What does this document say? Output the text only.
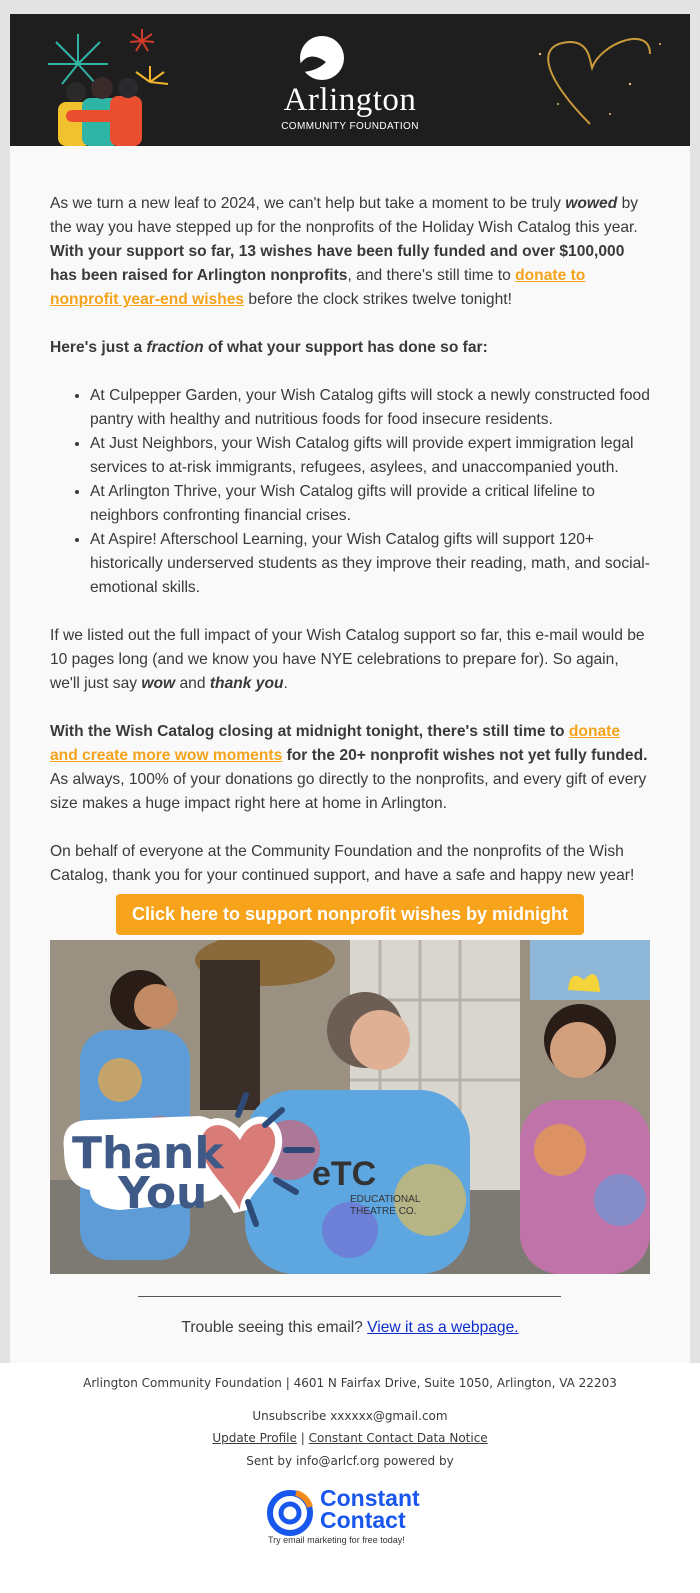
Arlington
COMMUNITY FOUNDATION

As we turn a new leaf to 2024, we can't help but take a moment to be truly wowed by the way you have stepped up for the nonprofits of the Holiday Wish Catalog this year. With your support so far, 13 wishes have been fully funded and over $100,000 has been raised for Arlington nonprofits, and there's still time to donate to nonprofit year-end wishes before the clock strikes twelve tonight!

Here's just a fraction of what your support has done so far:

• At Culpepper Garden, your Wish Catalog gifts will stock a newly constructed food pantry with healthy and nutritious foods for food insecure residents.
• At Just Neighbors, your Wish Catalog gifts will provide expert immigration legal services to at-risk immigrants, refugees, asylees, and unaccompanied youth.
• At Arlington Thrive, your Wish Catalog gifts will provide a critical lifeline to neighbors confronting financial crises.
• At Aspire! Afterschool Learning, your Wish Catalog gifts will support 120+ historically underserved students as they improve their reading, math, and social-emotional skills.

If we listed out the full impact of your Wish Catalog support so far, this e-mail would be 10 pages long (and we know you have NYE celebrations to prepare for). So again, we'll just say wow and thank you.

With the Wish Catalog closing at midnight tonight, there's still time to donate and create more wow moments for the 20+ nonprofit wishes not yet fully funded. As always, 100% of your donations go directly to the nonprofits, and every gift of every size makes a huge impact right here at home in Arlington.

On behalf of everyone at the Community Foundation and the nonprofits of the Wish Catalog, thank you for your continued support, and have a safe and happy new year!

Click here to support nonprofit wishes by midnight
eTC
EDUCATIONAL
THEATRE CO.
Thank
You
Trouble seeing this email? View it as a webpage.
Arlington Community Foundation | 4601 N Fairfax Drive, Suite 1050, Arlington, VA 22203
Unsubscribe xxxxxx@gmail.com
Update Profile | Constant Contact Data Notice
Sent by info@arlcf.org powered by
Constant
Contact
Try email marketing for free today!
